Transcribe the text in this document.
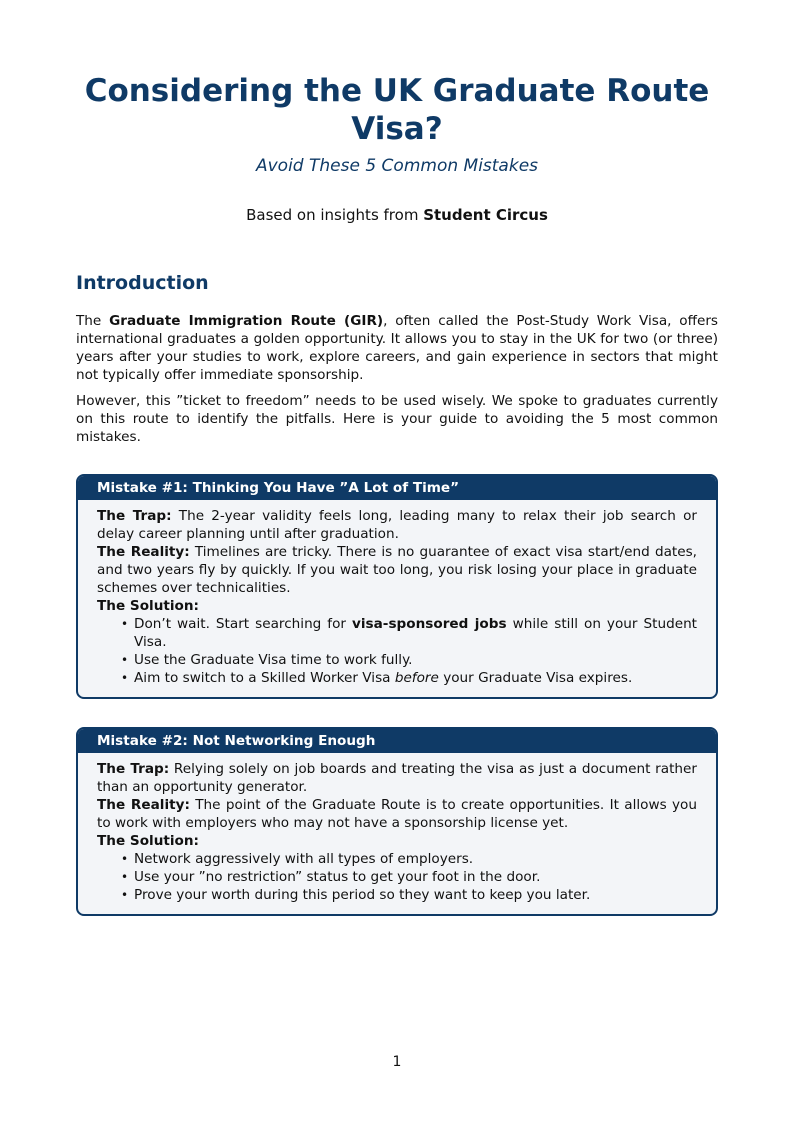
Considering the UK Graduate Route Visa?
Avoid These 5 Common Mistakes
Based on insights from Student Circus
Introduction

The Graduate Immigration Route (GIR), often called the Post-Study Work Visa, offers international graduates a golden opportunity. It allows you to stay in the UK for two (or three) years after your studies to work, explore careers, and gain experience in sectors that might not typically offer immediate sponsorship.

However, this ”ticket to freedom” needs to be used wisely. We spoke to graduates currently on this route to identify the pitfalls. Here is your guide to avoiding the 5 most common mistakes.

Mistake #1: Thinking You Have ”A Lot of Time”
The Trap: The 2-year validity feels long, leading many to relax their job search or delay career planning until after graduation.
The Reality: Timelines are tricky. There is no guarantee of exact visa start/end dates, and two years fly by quickly. If you wait too long, you risk losing your place in graduate schemes over technicalities.
The Solution:
• Don’t wait. Start searching for visa-sponsored jobs while still on your Student Visa.
• Use the Graduate Visa time to work fully.
• Aim to switch to a Skilled Worker Visa before your Graduate Visa expires.
Mistake #2: Not Networking Enough
The Trap: Relying solely on job boards and treating the visa as just a document rather than an opportunity generator.
The Reality: The point of the Graduate Route is to create opportunities. It allows you to work with employers who may not have a sponsorship license yet.
The Solution:
• Network aggressively with all types of employers.
• Use your ”no restriction” status to get your foot in the door.
• Prove your worth during this period so they want to keep you later.
1
